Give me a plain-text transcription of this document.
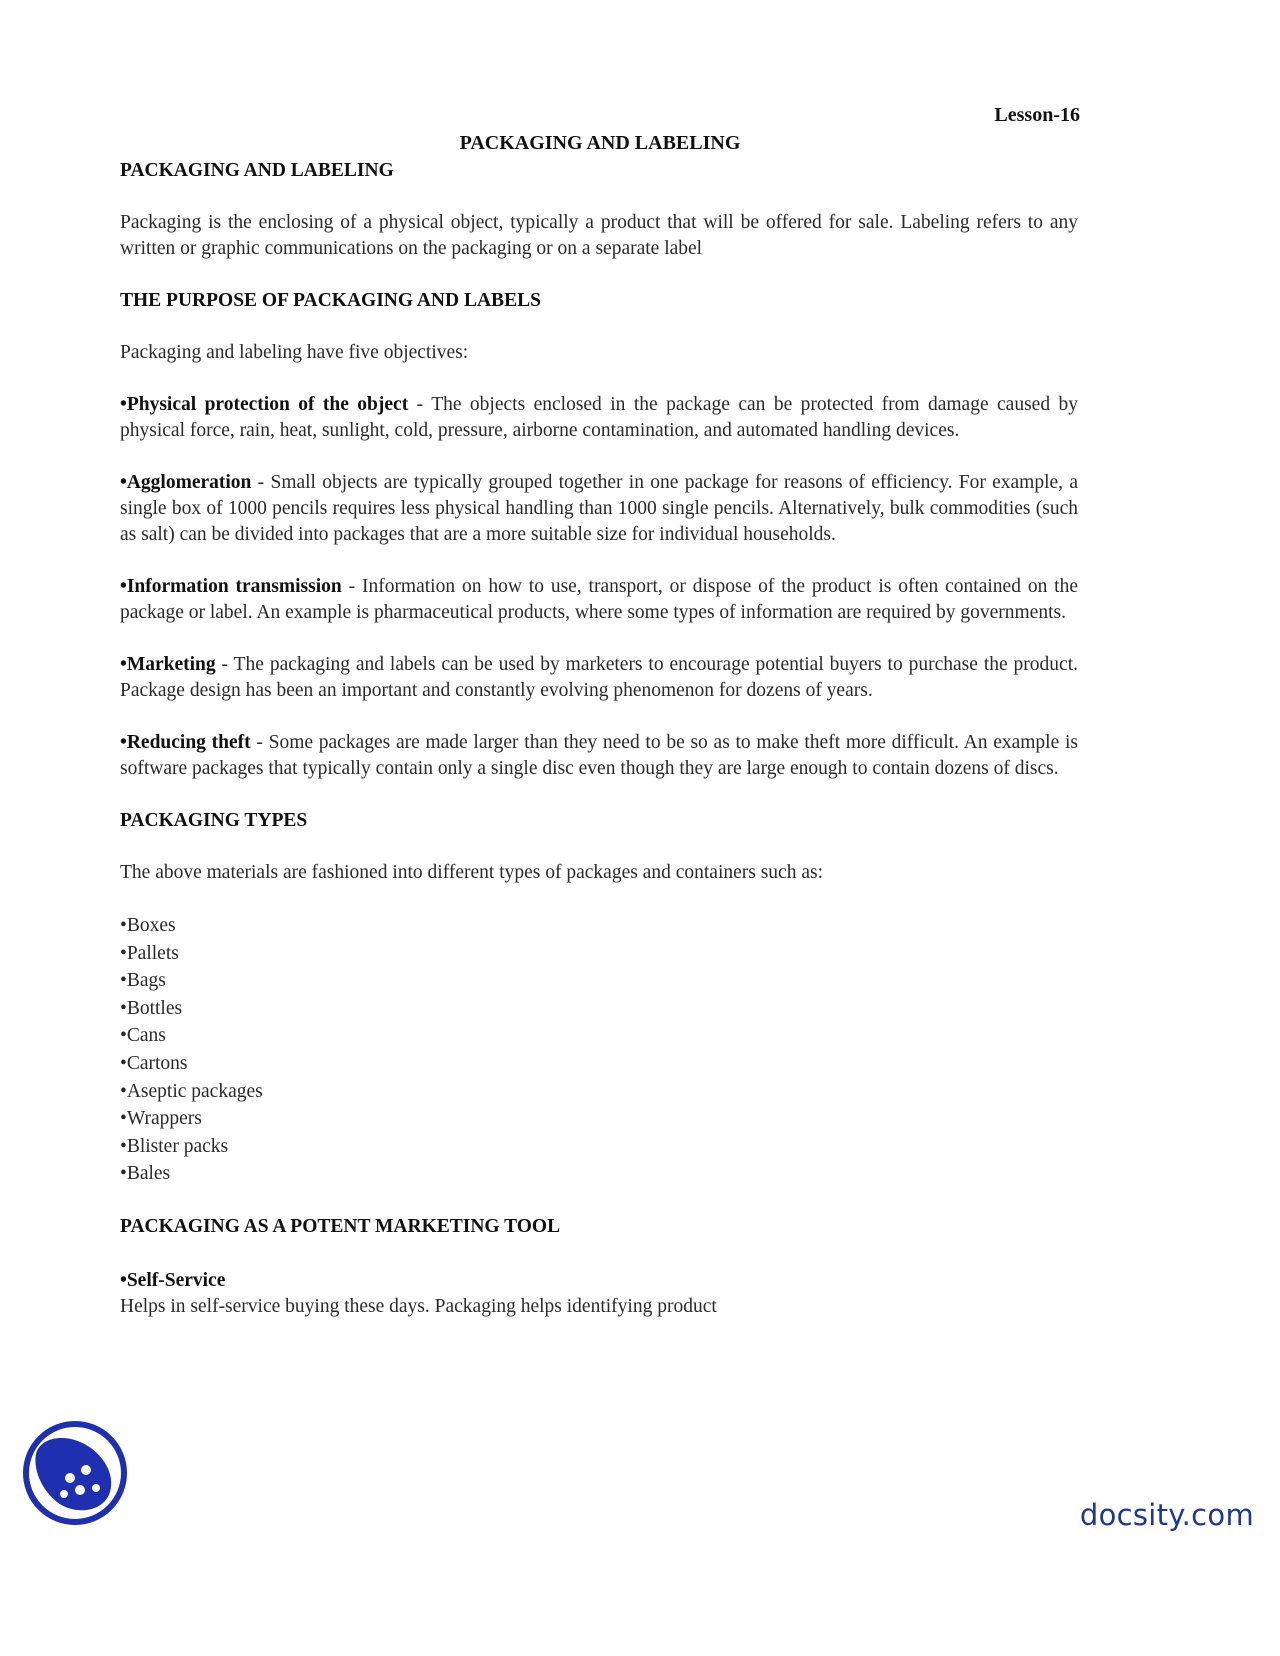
Lesson-16
PACKAGING AND LABELING

PACKAGING AND LABELING

Packaging is the enclosing of a physical object, typically a product that will be offered for sale. Labeling refers to any written or graphic communications on the packaging or on a separate label

THE PURPOSE OF PACKAGING AND LABELS

Packaging and labeling have five objectives:

•Physical protection of the object - The objects enclosed in the package can be protected from damage caused by physical force, rain, heat, sunlight, cold, pressure, airborne contamination, and automated handling devices.

•Agglomeration - Small objects are typically grouped together in one package for reasons of efficiency. For example, a single box of 1000 pencils requires less physical handling than 1000 single pencils. Alternatively, bulk commodities (such as salt) can be divided into packages that are a more suitable size for individual households.

•Information transmission - Information on how to use, transport, or dispose of the product is often contained on the package or label. An example is pharmaceutical products, where some types of information are required by governments.

•Marketing - The packaging and labels can be used by marketers to encourage potential buyers to purchase the product. Package design has been an important and constantly evolving phenomenon for dozens of years.

•Reducing theft - Some packages are made larger than they need to be so as to make theft more difficult. An example is software packages that typically contain only a single disc even though they are large enough to contain dozens of discs.

PACKAGING TYPES

The above materials are fashioned into different types of packages and containers such as:

•Boxes
•Pallets
•Bags
•Bottles
•Cans
•Cartons
•Aseptic packages
•Wrappers
•Blister packs
•Bales

PACKAGING AS A POTENT MARKETING TOOL

•Self-Service

Helps in self-service buying these days. Packaging helps identifying product

docsity.com
